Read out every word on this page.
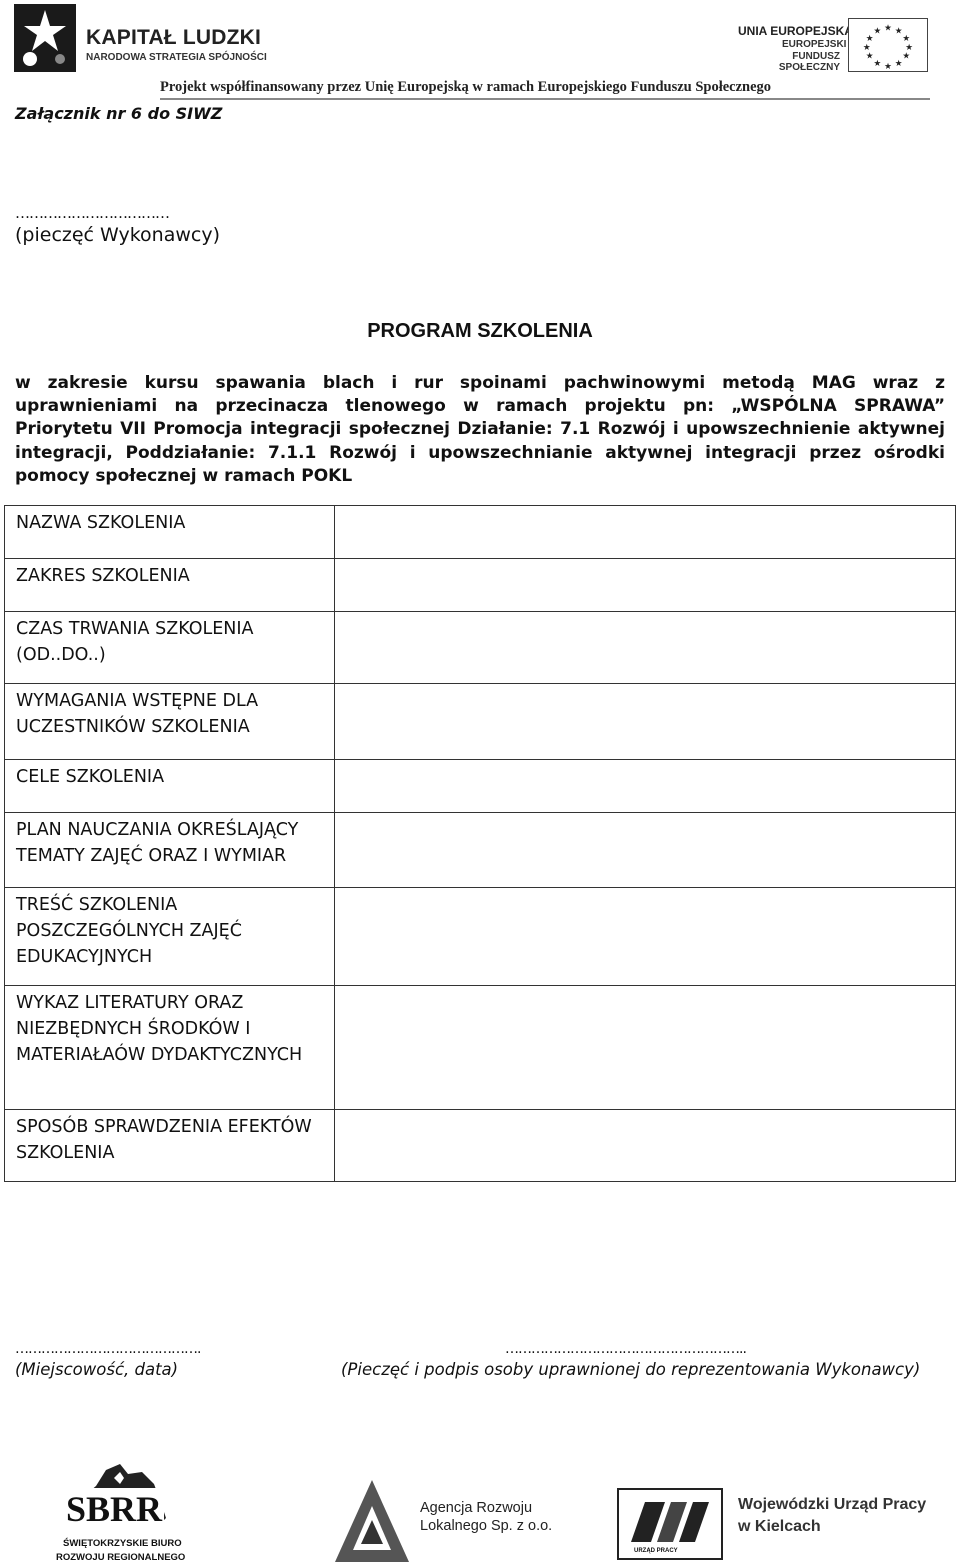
KAPITAŁ LUDZKI
NARODOWA STRATEGIA SPÓJNOŚCI
UNIA EUROPEJSKA
EUROPEJSKI
FUNDUSZ SPOŁECZNY
★ ★
★
★
★
★
★
★
★
★
★
★
Projekt współfinansowany przez Unię Europejską w ramach Europejskiego Funduszu Społecznego
Załącznik nr 6 do SIWZ
……………………………
(pieczęć Wykonawcy)
PROGRAM SZKOLENIA
w zakresie kursu spawania blach i rur spoinami pachwinowymi metodą MAG wraz z uprawnieniami na przecinacza tlenowego w ramach projektu pn: „WSPÓLNA SPRAWA” Priorytetu VII Promocja integracji społecznej Działanie: 7.1 Rozwój i upowszechnienie aktywnej integracji, Poddziałanie: 7.1.1 Rozwój i upowszechnianie aktywnej integracji przez ośrodki pomocy społecznej w ramach POKL
NAZWA SZKOLENIA	
ZAKRES SZKOLENIA	
CZAS TRWANIA SZKOLENIA (OD..DO..)	
WYMAGANIA WSTĘPNE DLA UCZESTNIKÓW SZKOLENIA	
CELE SZKOLENIA	
PLAN NAUCZANIA OKREŚLAJĄCY TEMATY ZAJĘĆ ORAZ I WYMIAR	
TREŚĆ SZKOLENIA POSZCZEGÓLNYCH ZAJĘĆ EDUKACYJNYCH	
WYKAZ LITERATURY ORAZ NIEZBĘDNYCH ŚRODKÓW I MATERIAŁAÓW DYDAKTYCZNYCH	
SPOSÓB SPRAWDZENIA EFEKTÓW SZKOLENIA	
…………………………………….	………………………………………………..
(Miejscowość, data)	(Pieczęć i podpis osoby uprawnionej do reprezentowania Wykonawcy)
SBRR
ŚWIĘTOKRZYSKIE BIURO
ROZWOJU REGIONALNEGO
Agencja Rozwoju
Lokalnego Sp. z o.o.
URZĄD PRACY
Wojewódzki Urząd Pracy
w Kielcach
